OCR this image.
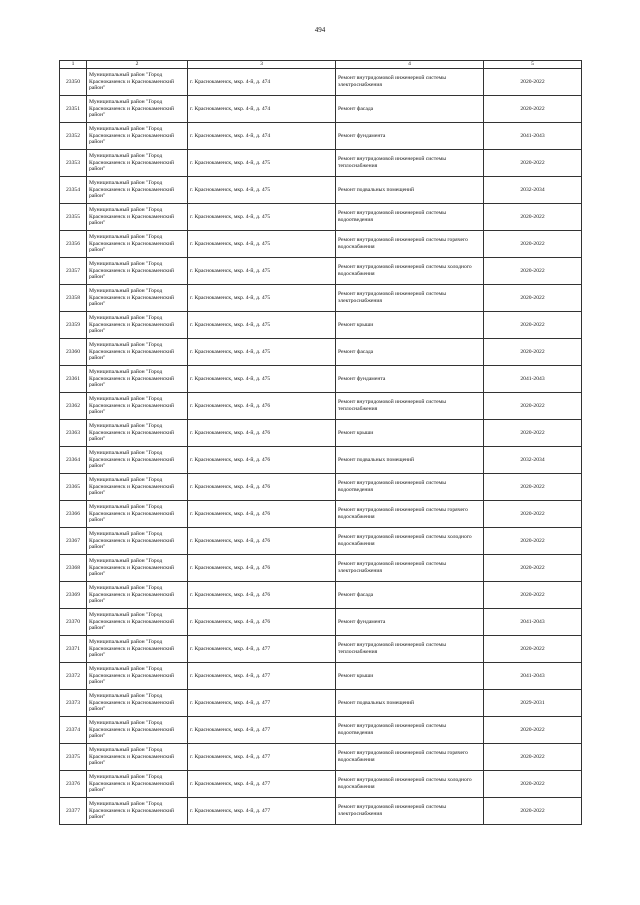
494
1	2	3	4	5
23350	Муниципальный район "Город Краснокаменск и Краснокаменский район"	г. Краснокаменск, мкр. 4-й, д. 474	Ремонт внутридомовой инженерной системы электроснабжения	2020-2022
23351	Муниципальный район "Город Краснокаменск и Краснокаменский район"	г. Краснокаменск, мкр. 4-й, д. 474	Ремонт фасада	2020-2022
23352	Муниципальный район "Город Краснокаменск и Краснокаменский район"	г. Краснокаменск, мкр. 4-й, д. 474	Ремонт фундамента	2041-2043
23353	Муниципальный район "Город Краснокаменск и Краснокаменский район"	г. Краснокаменск, мкр. 4-й, д. 475	Ремонт внутридомовой инженерной системы теплоснабжения	2020-2022
23354	Муниципальный район "Город Краснокаменск и Краснокаменский район"	г. Краснокаменск, мкр. 4-й, д. 475	Ремонт подвальных помещений	2032-2034
23355	Муниципальный район "Город Краснокаменск и Краснокаменский район"	г. Краснокаменск, мкр. 4-й, д. 475	Ремонт внутридомовой инженерной системы водоотведения	2020-2022
23356	Муниципальный район "Город Краснокаменск и Краснокаменский район"	г. Краснокаменск, мкр. 4-й, д. 475	Ремонт внутридомовой инженерной системы горячего водоснабжения	2020-2022
23357	Муниципальный район "Город Краснокаменск и Краснокаменский район"	г. Краснокаменск, мкр. 4-й, д. 475	Ремонт внутридомовой инженерной системы холодного водоснабжения	2020-2022
23358	Муниципальный район "Город Краснокаменск и Краснокаменский район"	г. Краснокаменск, мкр. 4-й, д. 475	Ремонт внутридомовой инженерной системы электроснабжения	2020-2022
23359	Муниципальный район "Город Краснокаменск и Краснокаменский район"	г. Краснокаменск, мкр. 4-й, д. 475	Ремонт крыши	2020-2022
23360	Муниципальный район "Город Краснокаменск и Краснокаменский район"	г. Краснокаменск, мкр. 4-й, д. 475	Ремонт фасада	2020-2022
23361	Муниципальный район "Город Краснокаменск и Краснокаменский район"	г. Краснокаменск, мкр. 4-й, д. 475	Ремонт фундамента	2041-2043
23362	Муниципальный район "Город Краснокаменск и Краснокаменский район"	г. Краснокаменск, мкр. 4-й, д. 476	Ремонт внутридомовой инженерной системы теплоснабжения	2020-2022
23363	Муниципальный район "Город Краснокаменск и Краснокаменский район"	г. Краснокаменск, мкр. 4-й, д. 476	Ремонт крыши	2020-2022
23364	Муниципальный район "Город Краснокаменск и Краснокаменский район"	г. Краснокаменск, мкр. 4-й, д. 476	Ремонт подвальных помещений	2032-2034
23365	Муниципальный район "Город Краснокаменск и Краснокаменский район"	г. Краснокаменск, мкр. 4-й, д. 476	Ремонт внутридомовой инженерной системы водоотведения	2020-2022
23366	Муниципальный район "Город Краснокаменск и Краснокаменский район"	г. Краснокаменск, мкр. 4-й, д. 476	Ремонт внутридомовой инженерной системы горячего водоснабжения	2020-2022
23367	Муниципальный район "Город Краснокаменск и Краснокаменский район"	г. Краснокаменск, мкр. 4-й, д. 476	Ремонт внутридомовой инженерной системы холодного водоснабжения	2020-2022
23368	Муниципальный район "Город Краснокаменск и Краснокаменский район"	г. Краснокаменск, мкр. 4-й, д. 476	Ремонт внутридомовой инженерной системы электроснабжения	2020-2022
23369	Муниципальный район "Город Краснокаменск и Краснокаменский район"	г. Краснокаменск, мкр. 4-й, д. 476	Ремонт фасада	2020-2022
23370	Муниципальный район "Город Краснокаменск и Краснокаменский район"	г. Краснокаменск, мкр. 4-й, д. 476	Ремонт фундамента	2041-2043
23371	Муниципальный район "Город Краснокаменск и Краснокаменский район"	г. Краснокаменск, мкр. 4-й, д. 477	Ремонт внутридомовой инженерной системы теплоснабжения	2020-2022
23372	Муниципальный район "Город Краснокаменск и Краснокаменский район"	г. Краснокаменск, мкр. 4-й, д. 477	Ремонт крыши	2041-2043
23373	Муниципальный район "Город Краснокаменск и Краснокаменский район"	г. Краснокаменск, мкр. 4-й, д. 477	Ремонт подвальных помещений	2029-2031
23374	Муниципальный район "Город Краснокаменск и Краснокаменский район"	г. Краснокаменск, мкр. 4-й, д. 477	Ремонт внутридомовой инженерной системы водоотведения	2020-2022
23375	Муниципальный район "Город Краснокаменск и Краснокаменский район"	г. Краснокаменск, мкр. 4-й, д. 477	Ремонт внутридомовой инженерной системы горячего водоснабжения	2020-2022
23376	Муниципальный район "Город Краснокаменск и Краснокаменский район"	г. Краснокаменск, мкр. 4-й, д. 477	Ремонт внутридомовой инженерной системы холодного водоснабжения	2020-2022
23377	Муниципальный район "Город Краснокаменск и Краснокаменский район"	г. Краснокаменск, мкр. 4-й, д. 477	Ремонт внутридомовой инженерной системы электроснабжения	2020-2022
